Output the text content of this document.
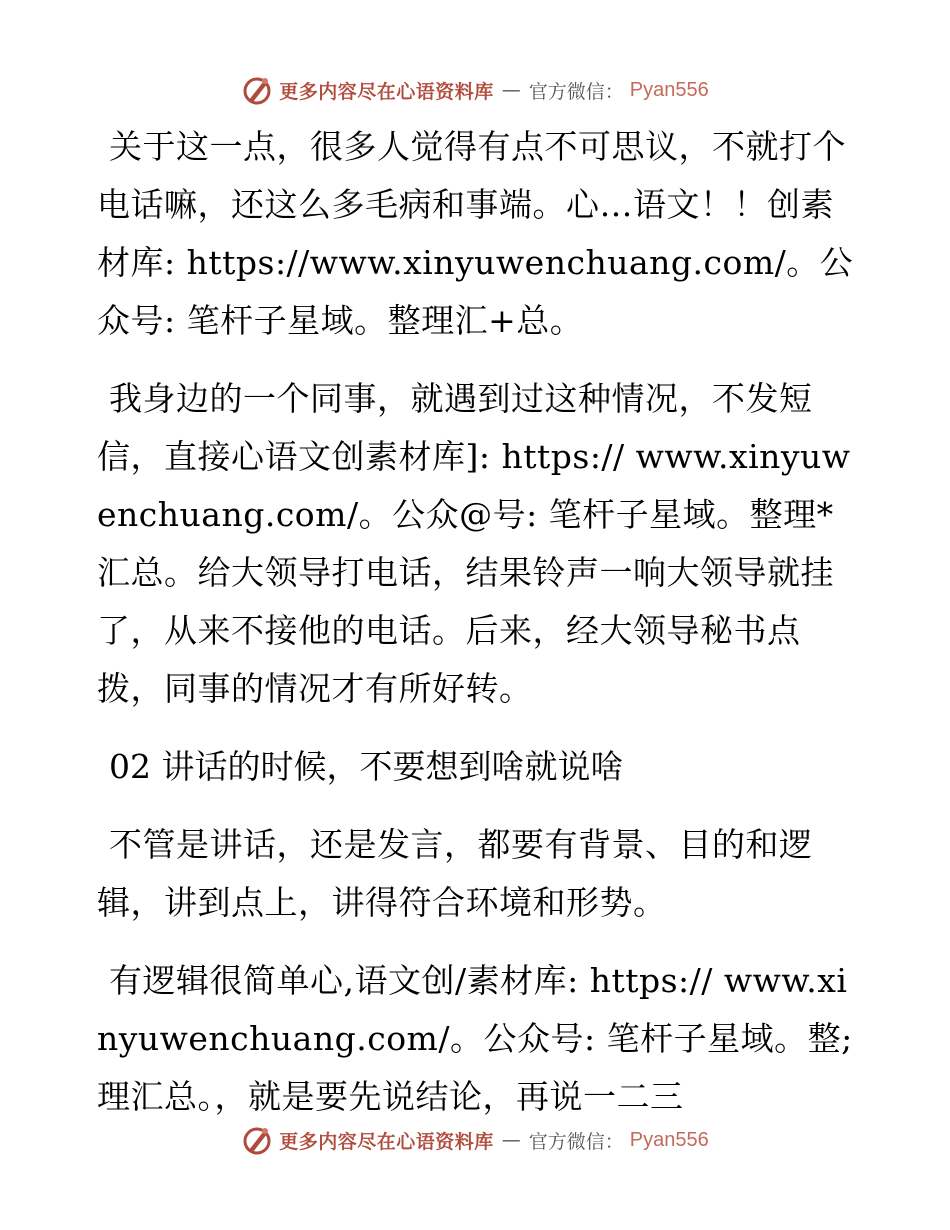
更多内容尽在心语资料库 — 官方微信： Pyan556

关于这一点，很多人觉得有点不可思议，不就打个电话嘛，还这么多毛病和事端。心…语文！！创素材库: https://www.xinyuwenchuang.com/。公众号: 笔杆子星域。整理汇+总。

我身边的一个同事，就遇到过这种情况，不发短信，直接心语文创素材库]: https:// www.xinyuwenchuang.com/。公众@号: 笔杆子星域。整理*汇总。给大领导打电话，结果铃声一响大领导就挂了，从来不接他的电话。后来，经大领导秘书点拨，同事的情况才有所好转。

02 讲话的时候，不要想到啥就说啥

不管是讲话，还是发言，都要有背景、目的和逻辑，讲到点上，讲得符合环境和形势。

有逻辑很简单心,语文创/素材库: https:// www.xinyuwenchuang.com/。公众号: 笔杆子星域。整;理汇总。，就是要先说结论，再说一二三

更多内容尽在心语资料库 — 官方微信： Pyan556
